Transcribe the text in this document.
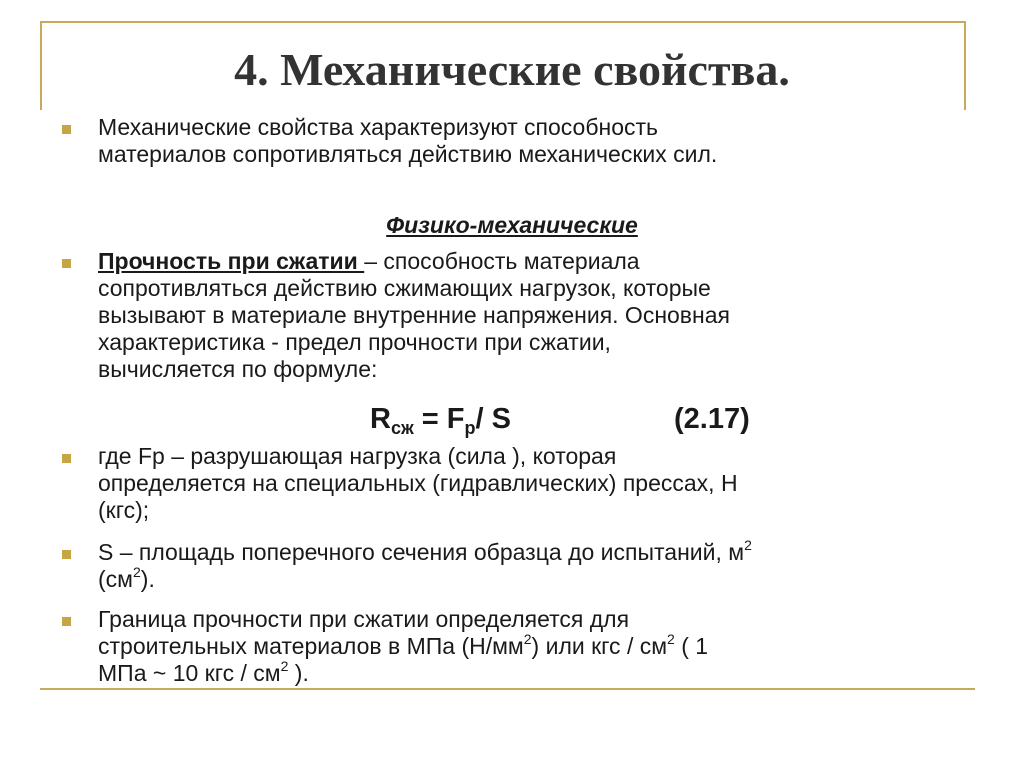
4. Механические свойства.
Механические свойства характеризуют способность
материалов сопротивляться действию механических сил.
Физико-механические
Прочность при сжатии – способность материала
сопротивляться действию сжимающих нагрузок, которые
вызывают в материале внутренние напряжения. Основная
характеристика - предел прочности при сжатии,
вычисляется по формуле:
$R_{сж} = F_р/$ S	(2.17)
где Fр – разрушающая нагрузка (сила ), которая
определяется на специальных (гидравлических) прессах, Н
(кгс);
S – площадь поперечного сечения образца до испытаний, $м^2$
$(см^2)$.
Граница прочности при сжатии определяется для
строительных материалов в МПа $(Н/мм^2)$ или кгс / $см^2$ ( 1
МПа ~ 10 кгс / $см^2$ ).
